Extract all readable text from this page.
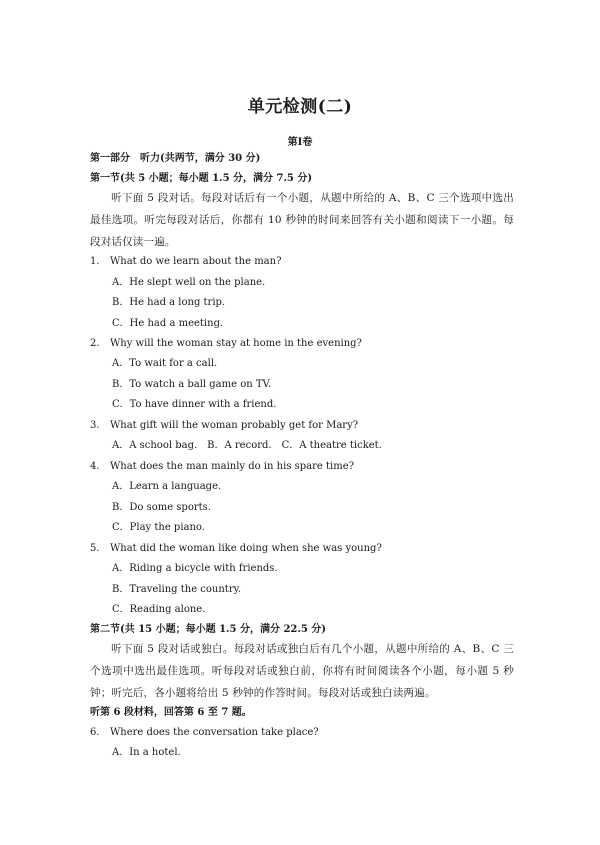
单元检测(二)
第Ⅰ卷
第一部分　听力(共两节，满分 30 分)
第一节(共 5 小题；每小题 1.5 分，满分 7.5 分)
听下面 5 段对话。每段对话后有一个小题，从题中所给的 A、B、C 三个选项中选出最佳选项。听完每段对话后，你都有 10 秒钟的时间来回答有关小题和阅读下一小题。每段对话仅读一遍。
1. What do we learn about the man?
A．He slept well on the plane.
B．He had a long trip.
C．He had a meeting.
2. Why will the woman stay at home in the evening?
A．To wait for a call.
B．To watch a ball game on TV.
C．To have dinner with a friend.
3. What gift will the woman probably get for Mary?
A．A school bag.　B．A record.　C．A theatre ticket.
4. What does the man mainly do in his spare time?
A．Learn a language.
B．Do some sports.
C．Play the piano.
5. What did the woman like doing when she was young?
A．Riding a bicycle with friends.
B．Traveling the country.
C．Reading alone.
第二节(共 15 小题；每小题 1.5 分，满分 22.5 分)
听下面 5 段对话或独白。每段对话或独白后有几个小题，从题中所给的 A、B、C 三个选项中选出最佳选项。听每段对话或独白前，你将有时间阅读各个小题，每小题 5 秒钟；听完后，各小题将给出 5 秒钟的作答时间。每段对话或独白读两遍。
听第 6 段材料，回答第 6 至 7 题。
6. Where does the conversation take place?
A．In a hotel.
